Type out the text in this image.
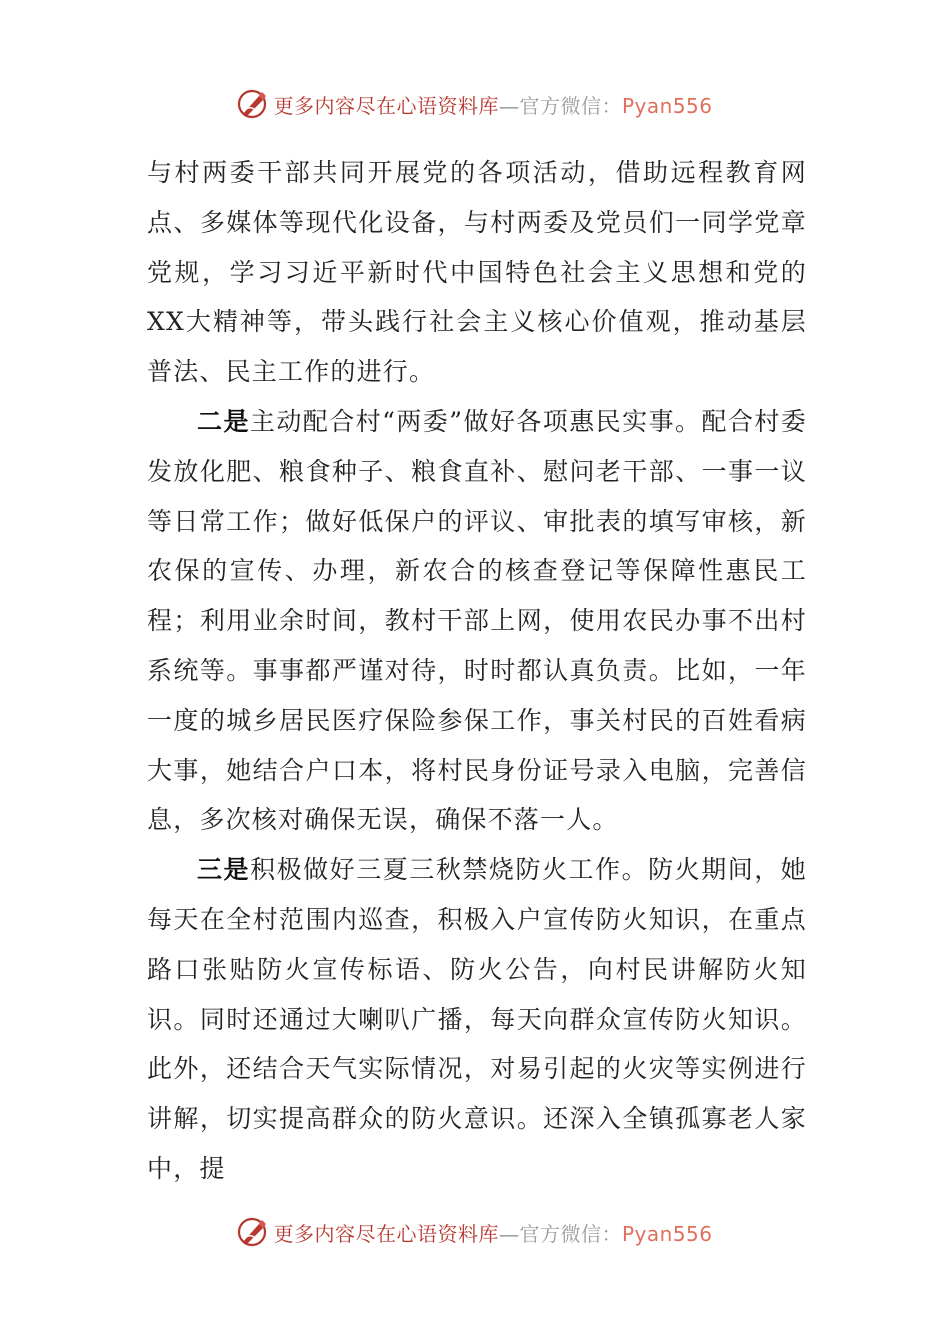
更多内容尽在心语资料库—官方微信：Pyan556

与村两委干部共同开展党的各项活动，借助远程教育网点、多媒体等现代化设备，与村两委及党员们一同学党章党规，学习习近平新时代中国特色社会主义思想和党的XX大精神等，带头践行社会主义核心价值观，推动基层普法、民主工作的进行。

二是主动配合村“两委”做好各项惠民实事。配合村委发放化肥、粮食种子、粮食直补、慰问老干部、一事一议等日常工作；做好低保户的评议、审批表的填写审核，新农保的宣传、办理，新农合的核查登记等保障性惠民工程；利用业余时间，教村干部上网，使用农民办事不出村系统等。事事都严谨对待，时时都认真负责。比如，一年一度的城乡居民医疗保险参保工作，事关村民的百姓看病大事，她结合户口本，将村民身份证号录入电脑，完善信息，多次核对确保无误，确保不落一人。

三是积极做好三夏三秋禁烧防火工作。防火期间，她每天在全村范围内巡查，积极入户宣传防火知识，在重点路口张贴防火宣传标语、防火公告，向村民讲解防火知识。同时还通过大喇叭广播，每天向群众宣传防火知识。此外，还结合天气实际情况，对易引起的火灾等实例进行讲解，切实提高群众的防火意识。还深入全镇孤寡老人家中，提

更多内容尽在心语资料库—官方微信：Pyan556
